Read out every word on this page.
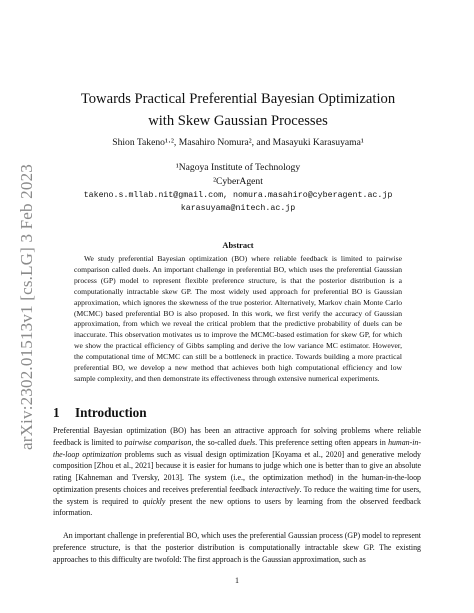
arXiv:2302.01513v1 [cs.LG] 3 Feb 2023
Towards Practical Preferential Bayesian Optimization
with Skew Gaussian Processes
Shion Takeno¹·², Masahiro Nomura², and Masayuki Karasuyama¹
¹Nagoya Institute of Technology
²CyberAgent
takeno.s.mllab.nit@gmail.com, nomura.masahiro@cyberagent.ac.jp
karasuyama@nitech.ac.jp
Abstract
We study preferential Bayesian optimization (BO) where reliable feedback is limited to pairwise comparison called duels. An important challenge in preferential BO, which uses the preferential Gaussian process (GP) model to represent flexible preference structure, is that the posterior distribution is a computationally intractable skew GP. The most widely used approach for preferential BO is Gaussian approximation, which ignores the skewness of the true posterior. Alternatively, Markov chain Monte Carlo (MCMC) based preferential BO is also proposed. In this work, we first verify the accuracy of Gaussian approximation, from which we reveal the critical problem that the predictive probability of duels can be inaccurate. This observation motivates us to improve the MCMC-based estimation for skew GP, for which we show the practical efficiency of Gibbs sampling and derive the low variance MC estimator. However, the computational time of MCMC can still be a bottleneck in practice. Towards building a more practical preferential BO, we develop a new method that achieves both high computational efficiency and low sample complexity, and then demonstrate its effectiveness through extensive numerical experiments.
1 Introduction
Preferential Bayesian optimization (BO) has been an attractive approach for solving problems where reliable feedback is limited to pairwise comparison, the so-called duels. This preference setting often appears in human-in-the-loop optimization problems such as visual design optimization [Koyama et al., 2020] and generative melody composition [Zhou et al., 2021] because it is easier for humans to judge which one is better than to give an absolute rating [Kahneman and Tversky, 2013]. The system (i.e., the optimization method) in the human-in-the-loop optimization presents choices and receives preferential feedback interactively. To reduce the waiting time for users, the system is required to quickly present the new options to users by learning from the observed feedback information.
An important challenge in preferential BO, which uses the preferential Gaussian process (GP) model to represent preference structure, is that the posterior distribution is computationally intractable skew GP. The existing approaches to this difficulty are twofold: The first approach is the Gaussian approximation, such as
1
